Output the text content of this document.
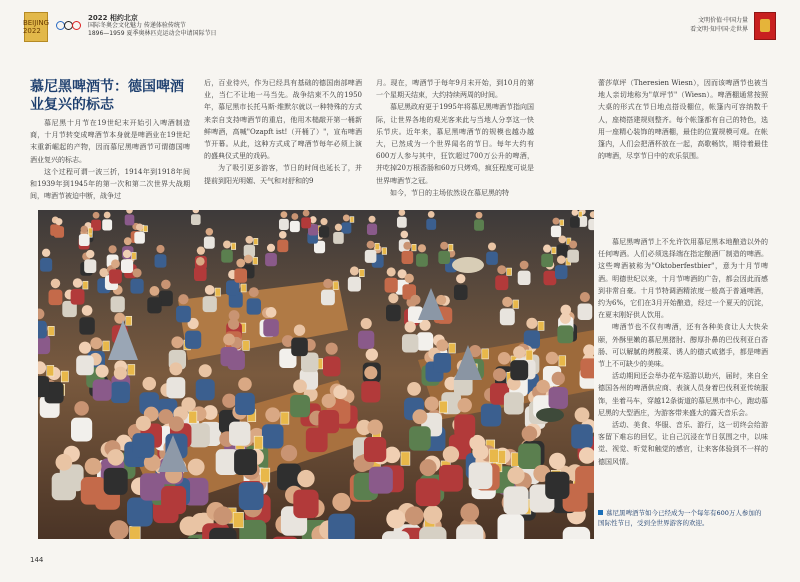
BEIJING 2022
2022 相约北京
国际冬奥会文化魅力 传递体验传统节
1896—1959 夏季奥林匹克运动会申请国际节日
文明价值·中国力量
看文明·知中国·走世界
慕尼黑啤酒节：德国啤酒业复兴的标志

慕尼黑十月节在19世纪末开始引入啤酒制造商，十月节转变成啤酒节本身就是啤酒业在19世纪末重新崛起的产物，因而慕尼黑啤酒节可谓德国啤酒业复兴的标志。

这个过程可谓一波三折，1914年到1918年间和1939年到1945年的第一次和第二次世界大战期间，啤酒节被迫中断，战争过

后，百业待兴，作为已经具有基础的德国南部啤酒业，当仁不让地一马当先。战争结束不久的1950年，慕尼黑市长托马斯·维默尔就以一种特殊的方式来亲自支持啤酒节的重启，他用木槌敲开第一桶新鲜啤酒，高喊"Ozapft ist!（开桶了）"，宣布啤酒节开幕。从此，这种方式成了啤酒节每年必须上演的盛典仪式里的戏码。

为了吸引更多游客，节日的时间也延长了，并提前到阳光明媚、天气和对舒和的9

月。现在，啤酒节于每年9月末开始，到10月的第一个星期天结束，大约持续两周的时间。

慕尼黑政府更于1995年将慕尼黑啤酒节指向国际，让世界各地的观光客来此与当地人分享这一快乐节庆。近年来，慕尼黑啤酒节的规模也越办越大，已然成为一个世界闻名的节日。每年大约有600万人参与其中，狂饮超过700万公升的啤酒，并吃掉20万根香肠和60万只烤鸡，疯狂程度可说是世界啤酒节之冠。

如今，节日的主场依然设在慕尼黑的特

蕾莎草坪（Theresien Wiesn），因而该啤酒节也被当地人亲切地称为"草坪节"（Wiesn）。啤酒棚通常按照大桌的形式在节日地点搭设棚位，帐篷内可容纳数千人，座椅搭建规则整齐。每个帐篷都有自己的特色，选用一座精心装饰的啤酒棚，最佳的位置规模可观。在帐篷内，人们会把酒杯放在一起，高歌畅饮，期待着最佳的啤酒，尽享节日中的欢乐氛围。

慕尼黑啤酒节上不允许饮用慕尼黑本地酿造以外的任何啤酒。人们必须选择端在指定酿酒厂制造的啤酒。这些啤酒被称为"Oktoberfestbier"，意为十月节啤酒。明德世纪以来，十月节啤酒的广告，都会因此而感到非常自豪。十月节特调酒精浓度一般高于普通啤酒，约为6%，它们在3月开始酿造，经过一个夏天的沉淀，在夏末刚好供人饮用。

啤酒节也不仅有啤酒，还有各种美食让人大快朵颐，外酥里嫩的慕尼黑猪肘、醇厚扑鼻的巴伐利亚白香肠、可以解腻的烤酸菜、诱人的德式咸猪手，都是啤酒节上不可缺少的美味。

活动期间还会举办花车巡游以助兴，届时，来自全德国各州的啤酒供应商、表演人员身着巴伐利亚传统服饰，坐着马车，穿越12条街道的慕尼黑市中心，跑动慕尼黑的大型酒庄，为游客带来盛大的露天音乐会。

活动、美食、华服、音乐、游行，这一切终会给游客留下难忘的回忆，让自己沉浸在节日氛围之中，以味觉、视觉、听觉和触觉的感官，让来客体验到不一样的德国风情。

慕尼黑啤酒节如今已经成为一个每年有600万人参加的国际性节日，受到全世界游客的欢迎。
144
